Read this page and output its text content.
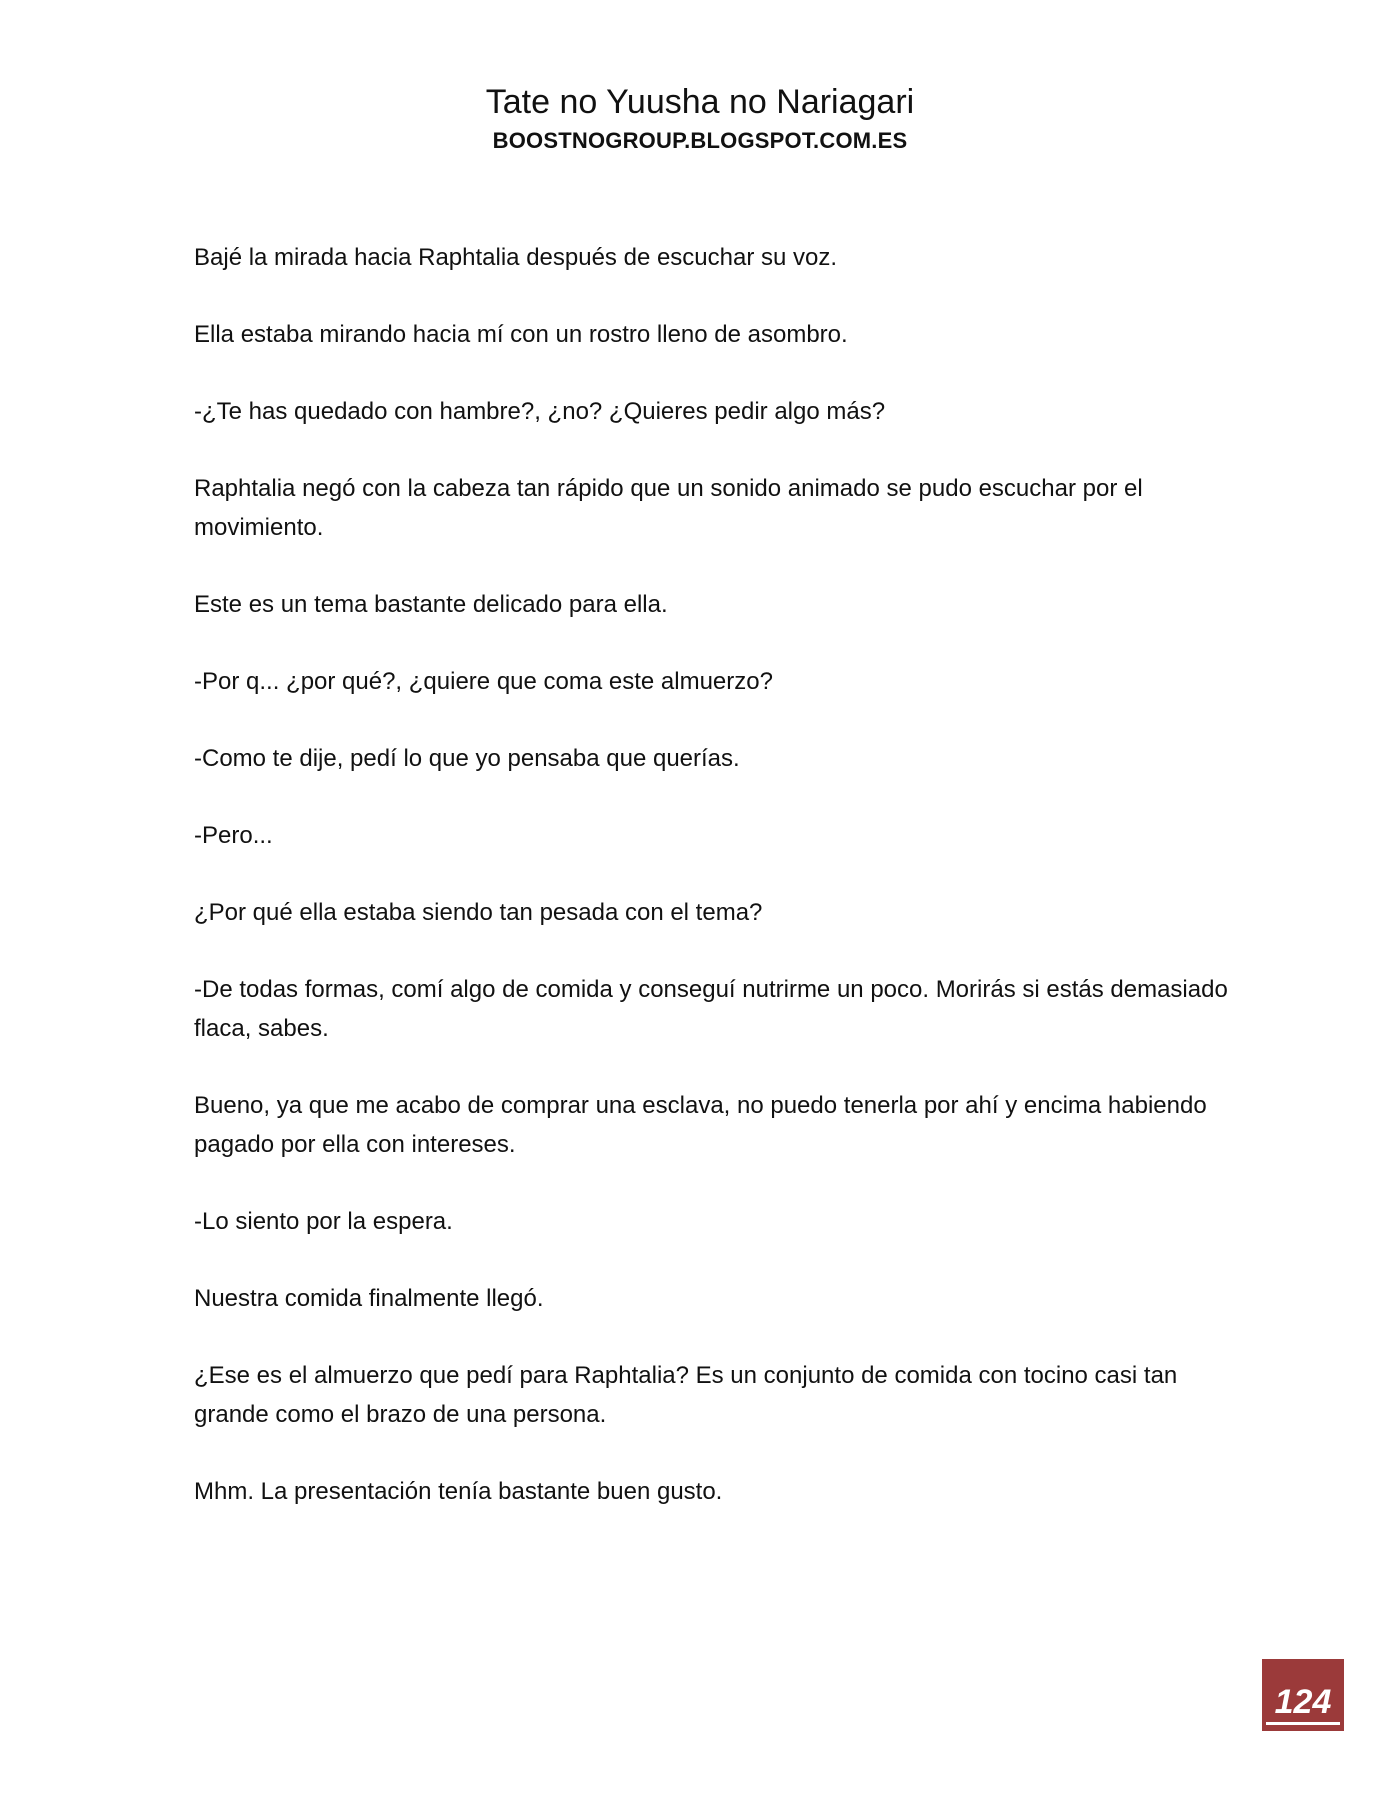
Tate no Yuusha no Nariagari
BOOSTNOGROUP.BLOGSPOT.COM.ES

Bajé la mirada hacia Raphtalia después de escuchar su voz.

Ella estaba mirando hacia mí con un rostro lleno de asombro.

-¿Te has quedado con hambre?, ¿no? ¿Quieres pedir algo más?

Raphtalia negó con la cabeza tan rápido que un sonido animado se pudo escuchar por el movimiento.

Este es un tema bastante delicado para ella.

-Por q... ¿por qué?, ¿quiere que coma este almuerzo?

-Como te dije, pedí lo que yo pensaba que querías.

-Pero...

¿Por qué ella estaba siendo tan pesada con el tema?

-De todas formas, comí algo de comida y conseguí nutrirme un poco. Morirás si estás demasiado flaca, sabes.

Bueno, ya que me acabo de comprar una esclava, no puedo tenerla por ahí y encima habiendo pagado por ella con intereses.

-Lo siento por la espera.

Nuestra comida finalmente llegó.

¿Ese es el almuerzo que pedí para Raphtalia? Es un conjunto de comida con tocino casi tan grande como el brazo de una persona.

Mhm. La presentación tenía bastante buen gusto.

124
